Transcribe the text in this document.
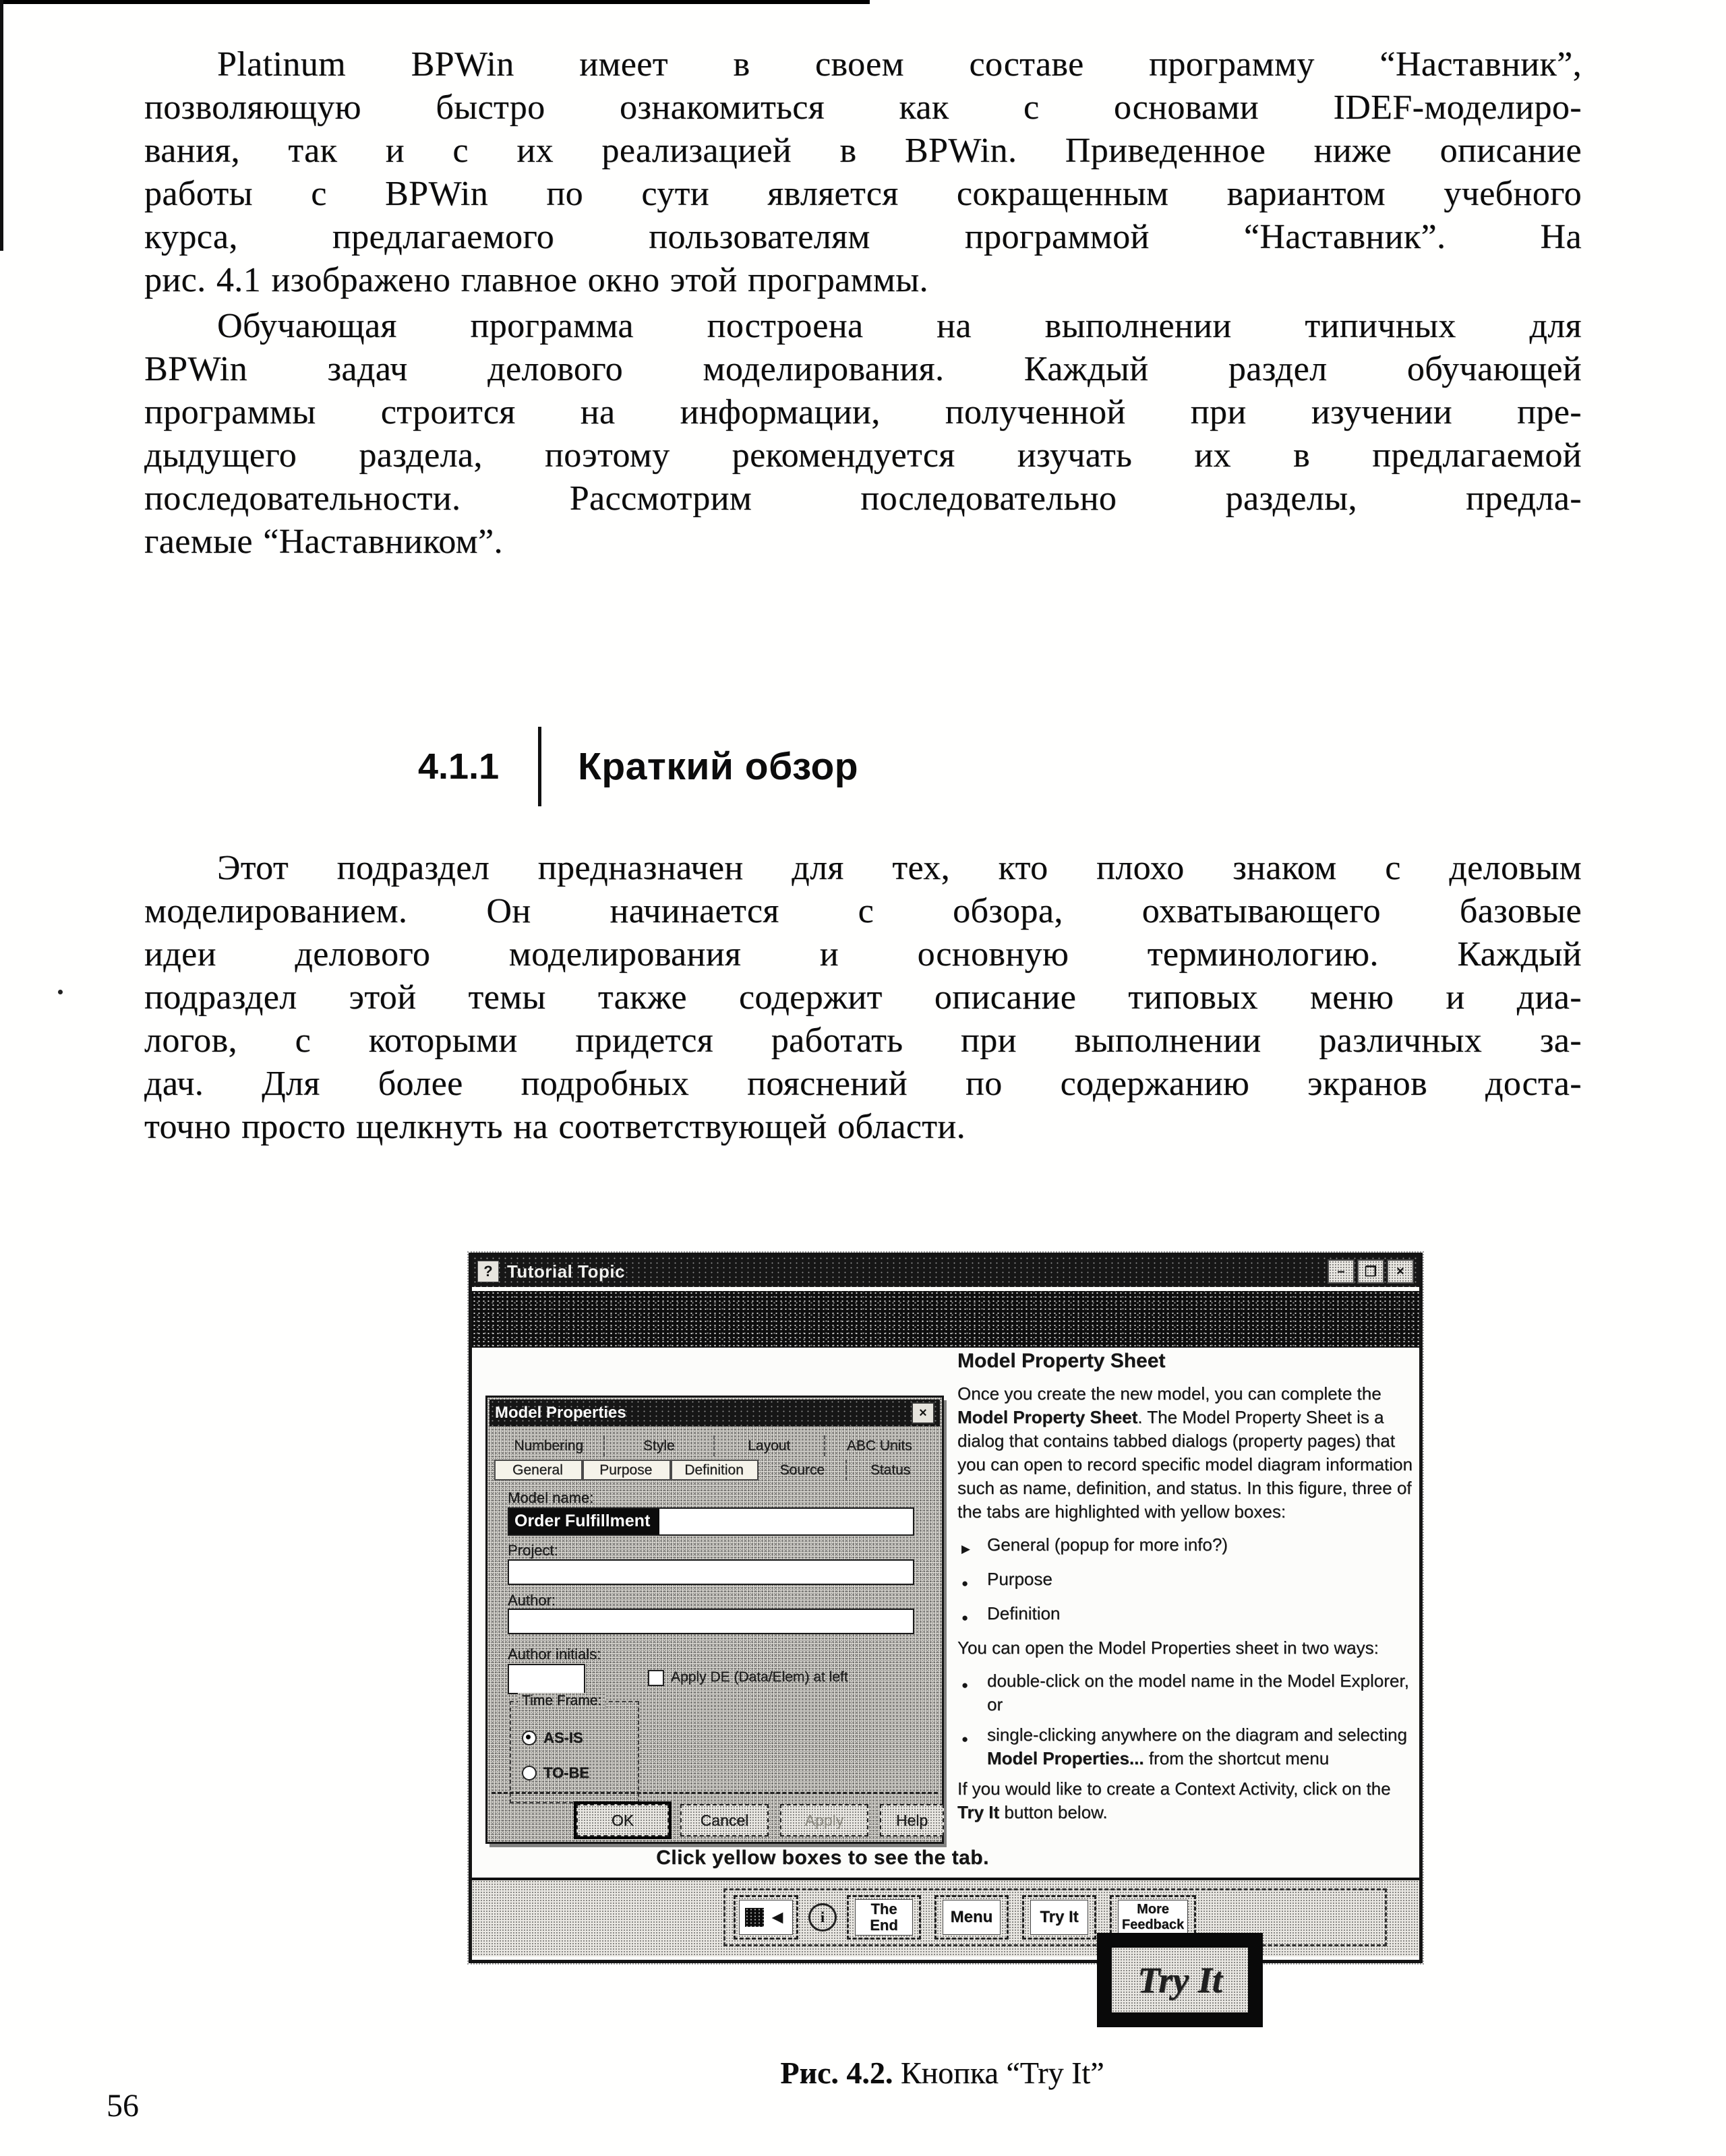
Platinum BPWin имеет в своем составе программу “Наставник”,
позволяющую быстро ознакомиться как с основами IDEF-моделиро-
вания, так и с их реализацией в BPWin. Приведенное ниже описание
работы с BPWin по сути является сокращенным вариантом учебного
курса, предлагаемого пользователям программой “Наставник”. На
рис. 4.1 изображено главное окно этой программы.
Обучающая программа построена на выполнении типичных для
BPWin задач делового моделирования. Каждый раздел обучающей
программы строится на информации, полученной при изучении пре-
дыдущего раздела, поэтому рекомендуется изучать их в предлагаемой
последовательности. Рассмотрим последовательно разделы, предла-
гаемые “Наставником”.
4.1.1 Краткий обзор
Этот подраздел предназначен для тех, кто плохо знаком с деловым
моделированием. Он начинается с обзора, охватывающего базовые
идеи делового моделирования и основную терминологию. Каждый
подраздел этой темы также содержит описание типовых меню и диа-
логов, с которыми придется работать при выполнении различных за-
дач. Для более подробных пояснений по содержанию экранов доста-
точно просто щелкнуть на соответствующей области.
? Tutorial Topic	–	❐	×
Model Properties	×
Numbering	Style	Layout	ABC Units
General	Purpose	Definition	Source	Status
Model name:
Order Fulfillment
Project:
Author:
Author initials:
Apply DE (Data/Elem) at left
Time Frame:
AS-IS
TO-BE
OK	Cancel	Apply	Help
Click yellow boxes to see the tab.
Model Property Sheet

Once you create the new model, you can complete the Model Property Sheet. The Model Property Sheet is a dialog that contains tabbed dialogs (property pages) that you can open to record specific model diagram information such as name, definition, and status. In this figure, three of the tabs are highlighted with yellow boxes:

▶ General (popup for more info?)
●	Purpose
●	Definition

You can open the Model Properties sheet in two ways:

●	double-click on the model name in the Model Explorer, or
●	single-clicking anywhere on the diagram and selecting Model Properties... from the shortcut menu

If you would like to create a Context Activity, click on the Try It button below.

◄	i	The End	Menu	Try It	More Feedback
Try It
Рис. 4.2. Кнопка “Try It”
56
